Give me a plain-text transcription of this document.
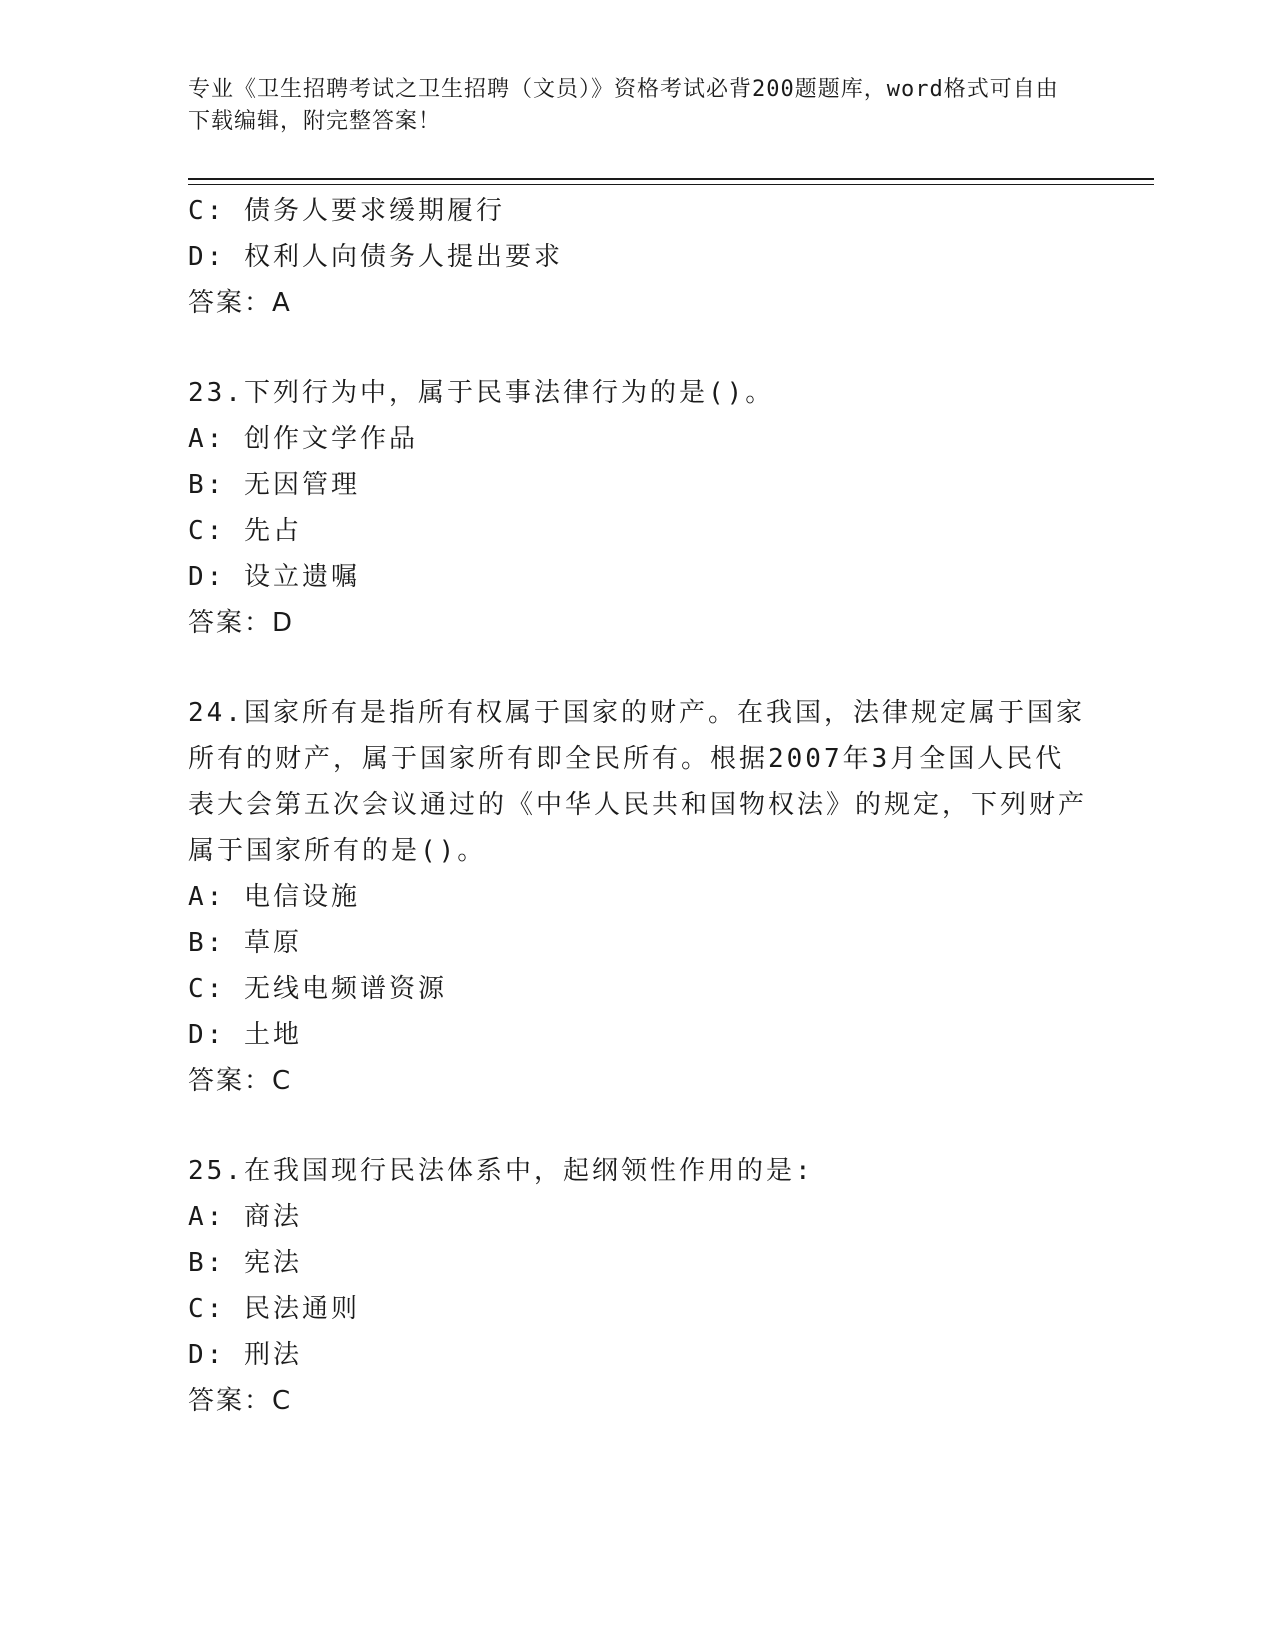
专业《卫生招聘考试之卫生招聘（文员）》资格考试必背200题题库，word格式可自由下载编辑，附完整答案！
C: 债务人要求缓期履行
D: 权利人向债务人提出要求
答案：A
23.下列行为中，属于民事法律行为的是()。
A: 创作文学作品
B: 无因管理
C: 先占
D: 设立遗嘱
答案：D
24.国家所有是指所有权属于国家的财产。在我国，法律规定属于国家所有的财产，属于国家所有即全民所有。根据2007年3月全国人民代表大会第五次会议通过的《中华人民共和国物权法》的规定，下列财产属于国家所有的是()。
A: 电信设施
B: 草原
C: 无线电频谱资源
D: 土地
答案：C
25.在我国现行民法体系中，起纲领性作用的是:
A: 商法
B: 宪法
C: 民法通则
D: 刑法
答案：C
